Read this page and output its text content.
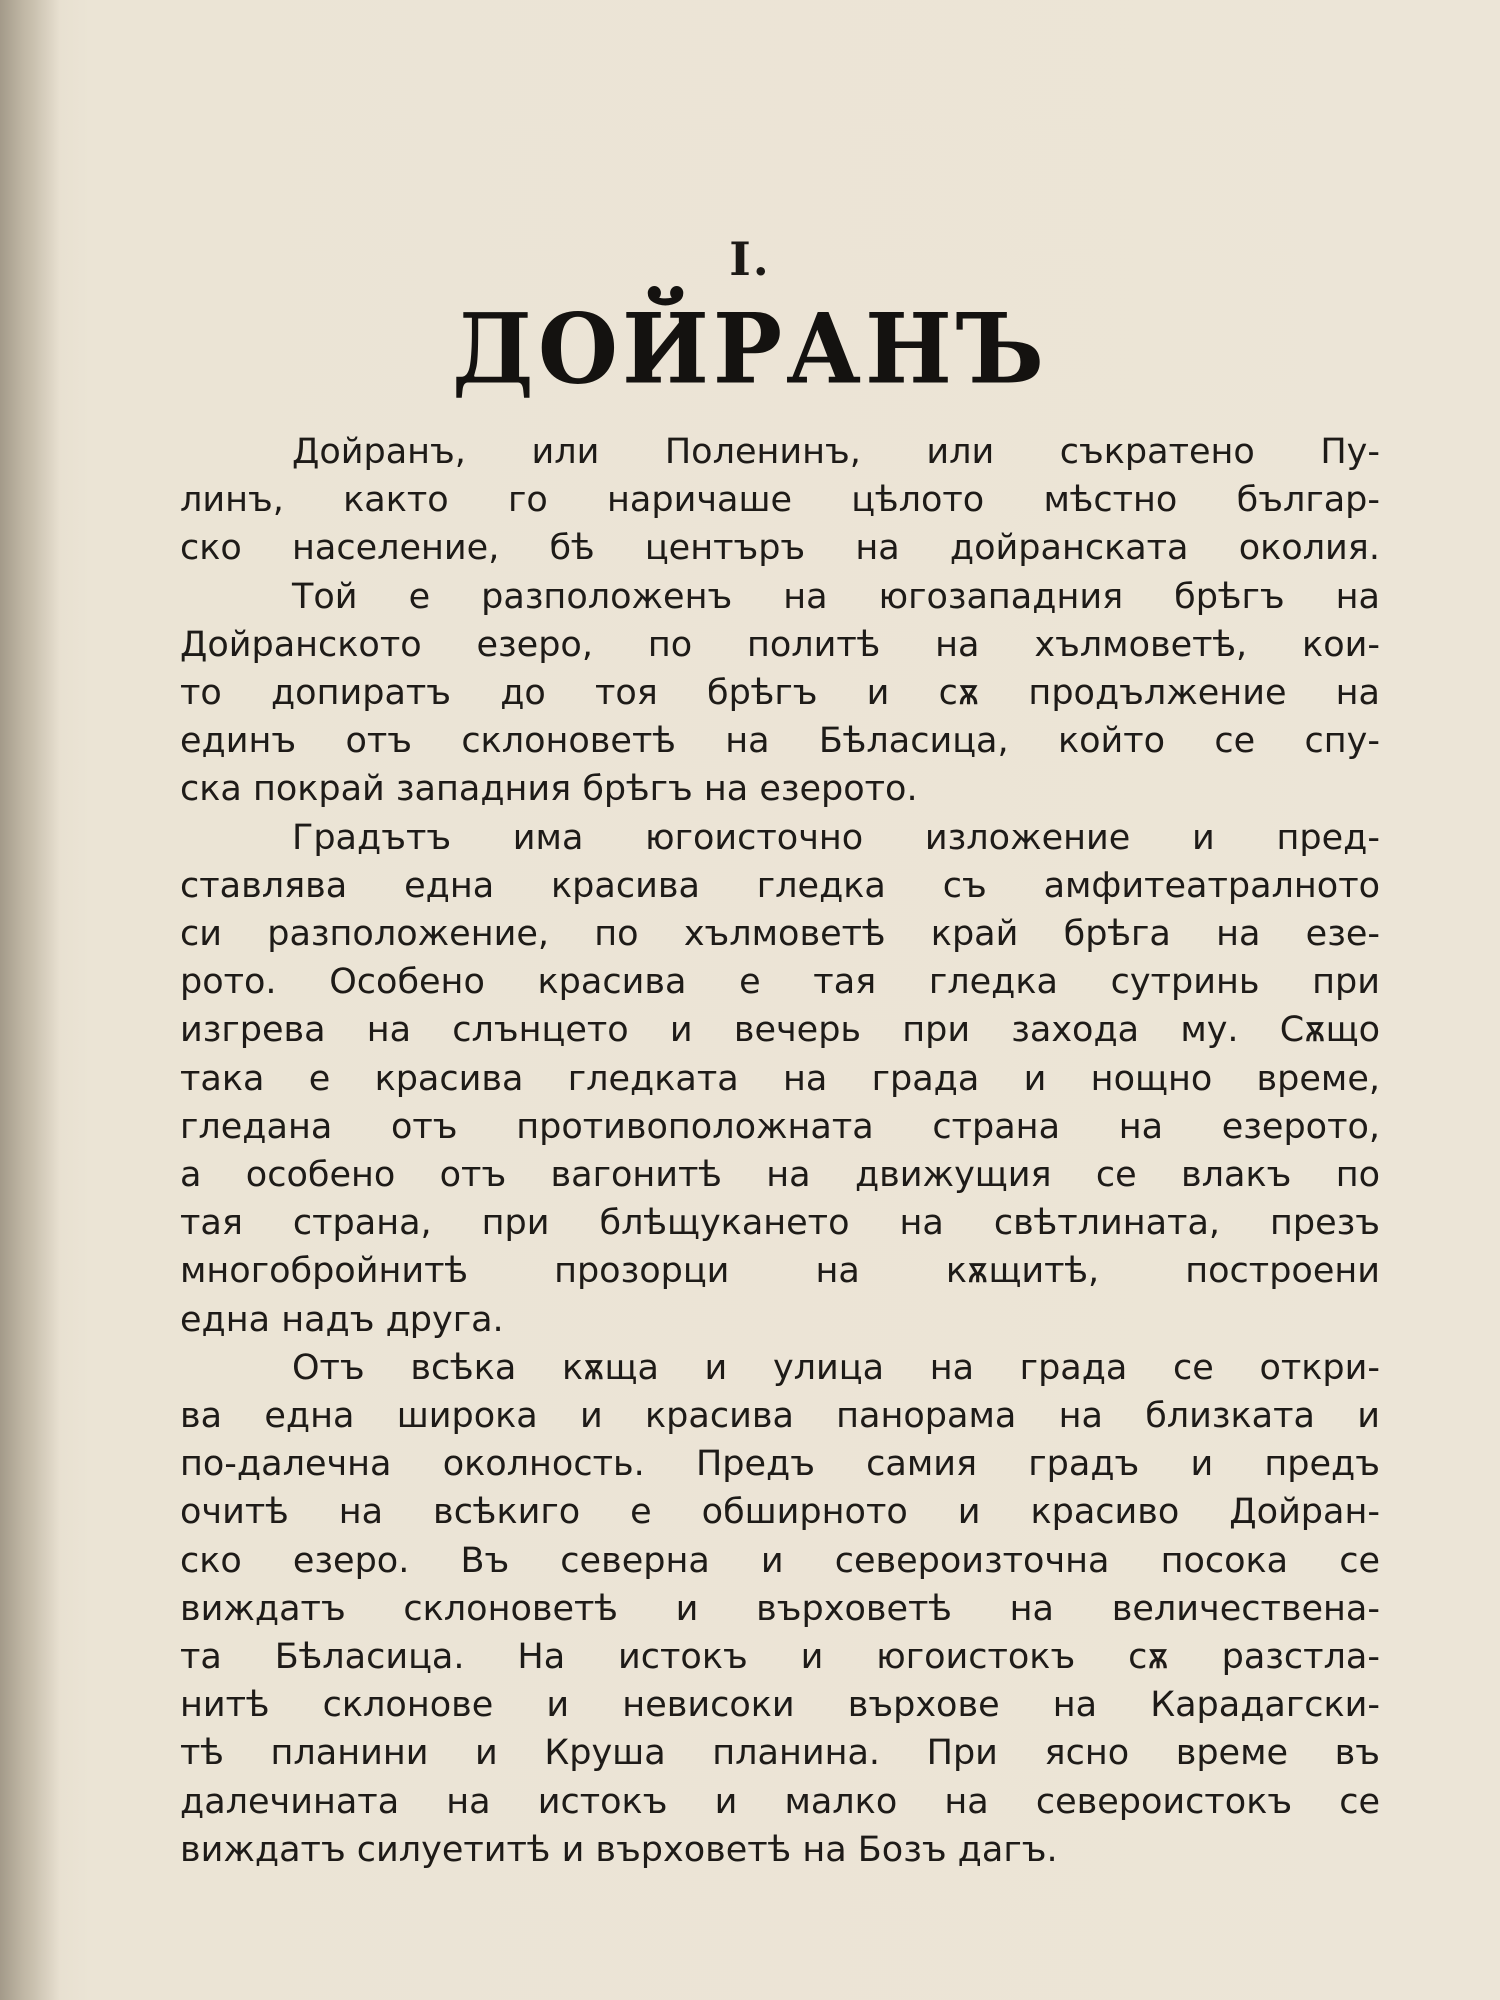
I.
ДОЙРАНЪ
Дойранъ, или Поленинъ, или съкратено Пу-
линъ, както го наричаше цѣлото мѣстно българ-
ско население, бѣ центъръ на дойранската околия.
Той е разположенъ на югозападния брѣгъ на
Дойранското езеро, по политѣ на хълмоветѣ, кои-
то допиратъ до тоя брѣгъ и сѫ продължение на
единъ отъ склоноветѣ на Бѣласица, който се спу-
ска покрай западния брѣгъ на езерото.
Градътъ има югоисточно изложение и пред-
ставлява една красива гледка съ амфитеатралното
си разположение, по хълмоветѣ край брѣга на езе-
рото. Особено красива е тая гледка сутринь при
изгрева на слънцето и вечерь при захода му. Сѫщо
така е красива гледката на града и нощно време,
гледана отъ противоположната страна на езерото,
а особено отъ вагонитѣ на движущия се влакъ по
тая страна, при блѣщукането на свѣтлината, презъ
многобройнитѣ прозорци на кѫщитѣ, построени
една надъ друга.
Отъ всѣка кѫща и улица на града се откри-
ва една широка и красива панорама на близката и
по-далечна околность. Предъ самия градъ и предъ
очитѣ на всѣкиго е обширното и красиво Дойран-
ско езеро. Въ северна и североизточна посока се
виждатъ склоноветѣ и върховетѣ на величествена-
та Бѣласица. На истокъ и югоистокъ сѫ разстла-
нитѣ склонове и невисоки върхове на Карадагски-
тѣ планини и Круша планина. При ясно време въ
далечината на истокъ и малко на североистокъ се
виждатъ силуетитѣ и върховетѣ на Бозъ дагъ.
